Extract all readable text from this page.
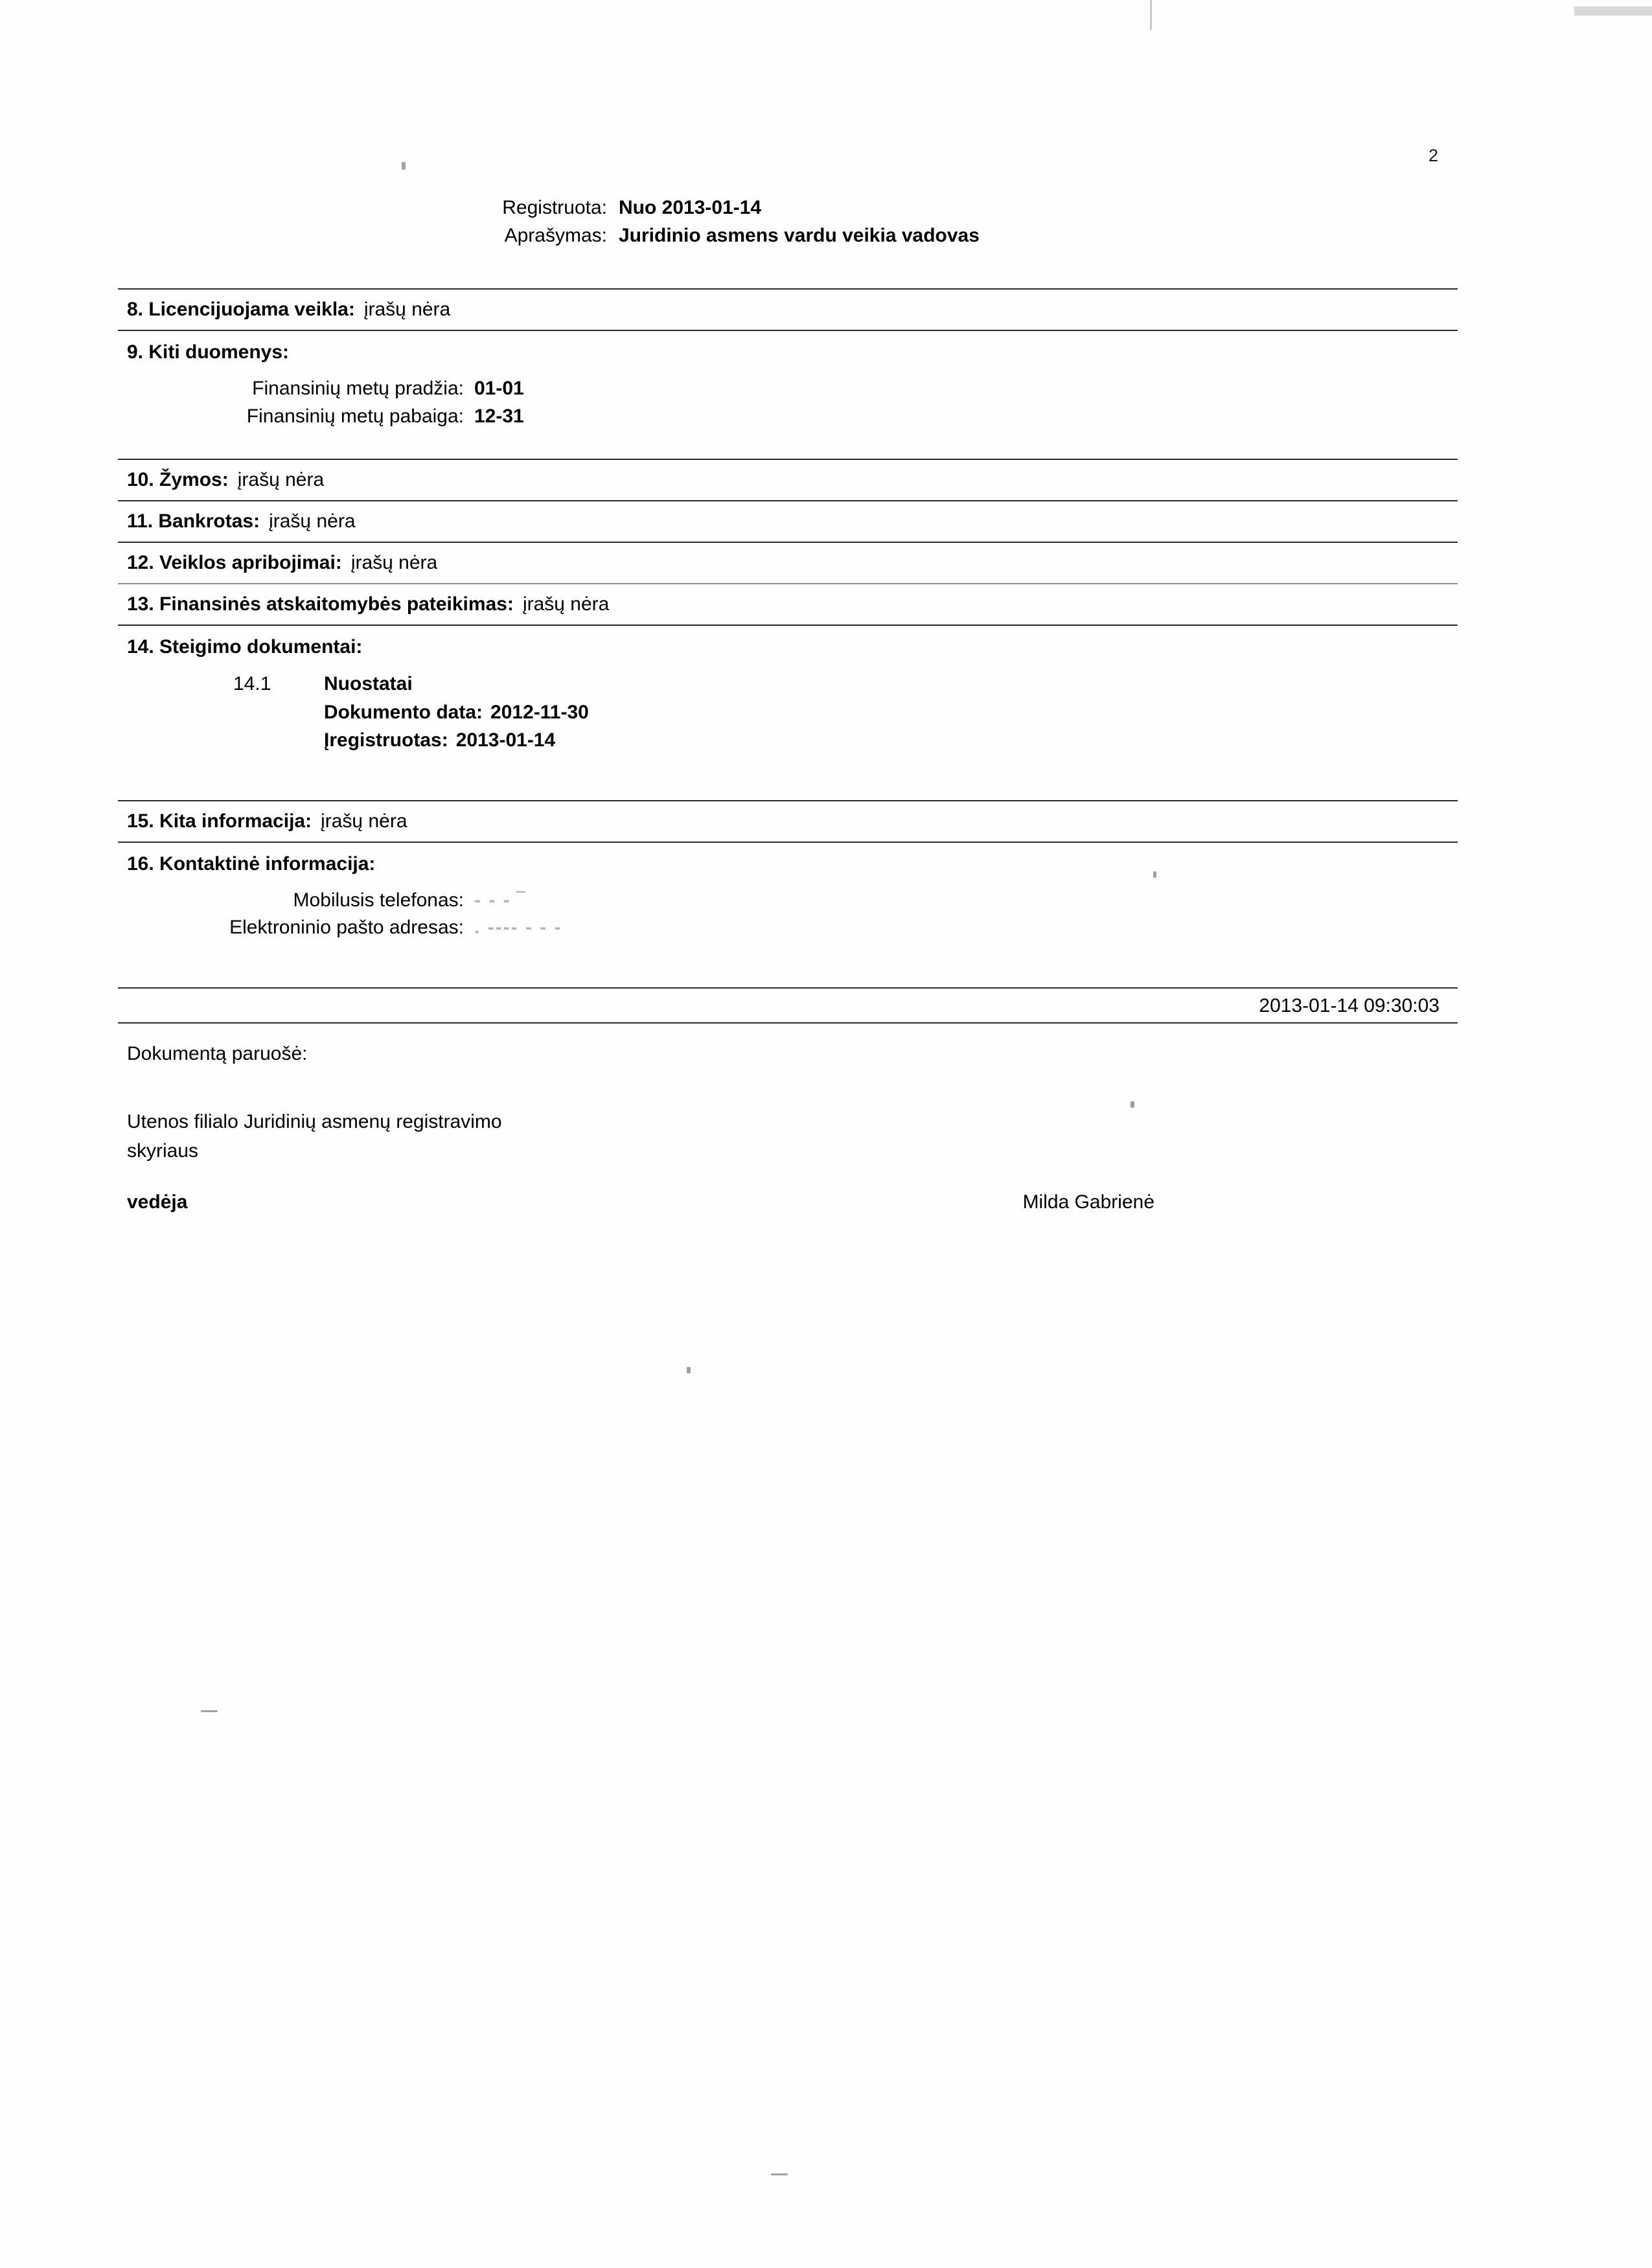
2
Registruota: Nuo 2013-01-14
Aprašymas: Juridinio asmens vardu veikia vadovas
8. Licencijuojama veikla: įrašų nėra
9. Kiti duomenys:
Finansinių metų pradžia: 01-01
Finansinių metų pabaiga: 12-31
10. Žymos: įrašų nėra
11. Bankrotas: įrašų nėra
12. Veiklos apribojimai: įrašų nėra
13. Finansinės atskaitomybės pateikimas: įrašų nėra
14. Steigimo dokumentai:
14.1	Nuostatai
Dokumento data: 2012-11-30
Įregistruotas: 2013-01-14
15. Kita informacija: įrašų nėra
16. Kontaktinė informacija:
Mobilusis telefonas: ‐ ‑ ‐ ‾
Elektroninio pašto adresas: . ‑‑‑‑ ‑ ‑ ‑
2013-01-14 09:30:03
Dokumentą paruošė:
Utenos filialo Juridinių asmenų registravimo
skyriaus
vedėja	Milda Gabrienė
